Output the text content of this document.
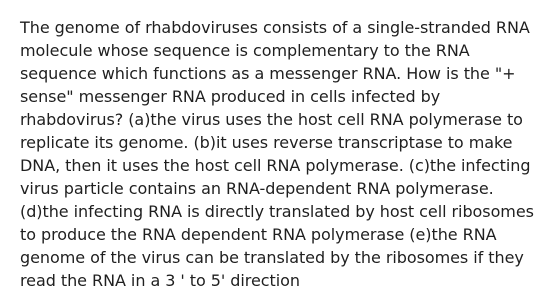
The genome of rhabdoviruses consists of a single-stranded RNA
molecule whose sequence is complementary to the RNA
sequence which functions as a messenger RNA. How is the "+
sense" messenger RNA produced in cells infected by
rhabdovirus? (a)the virus uses the host cell RNA polymerase to
replicate its genome. (b)it uses reverse transcriptase to make
DNA, then it uses the host cell RNA polymerase. (c)the infecting
virus particle contains an RNA-dependent RNA polymerase.
(d)the infecting RNA is directly translated by host cell ribosomes
to produce the RNA dependent RNA polymerase (e)the RNA
genome of the virus can be translated by the ribosomes if they
read the RNA in a 3 ' to 5' direction
